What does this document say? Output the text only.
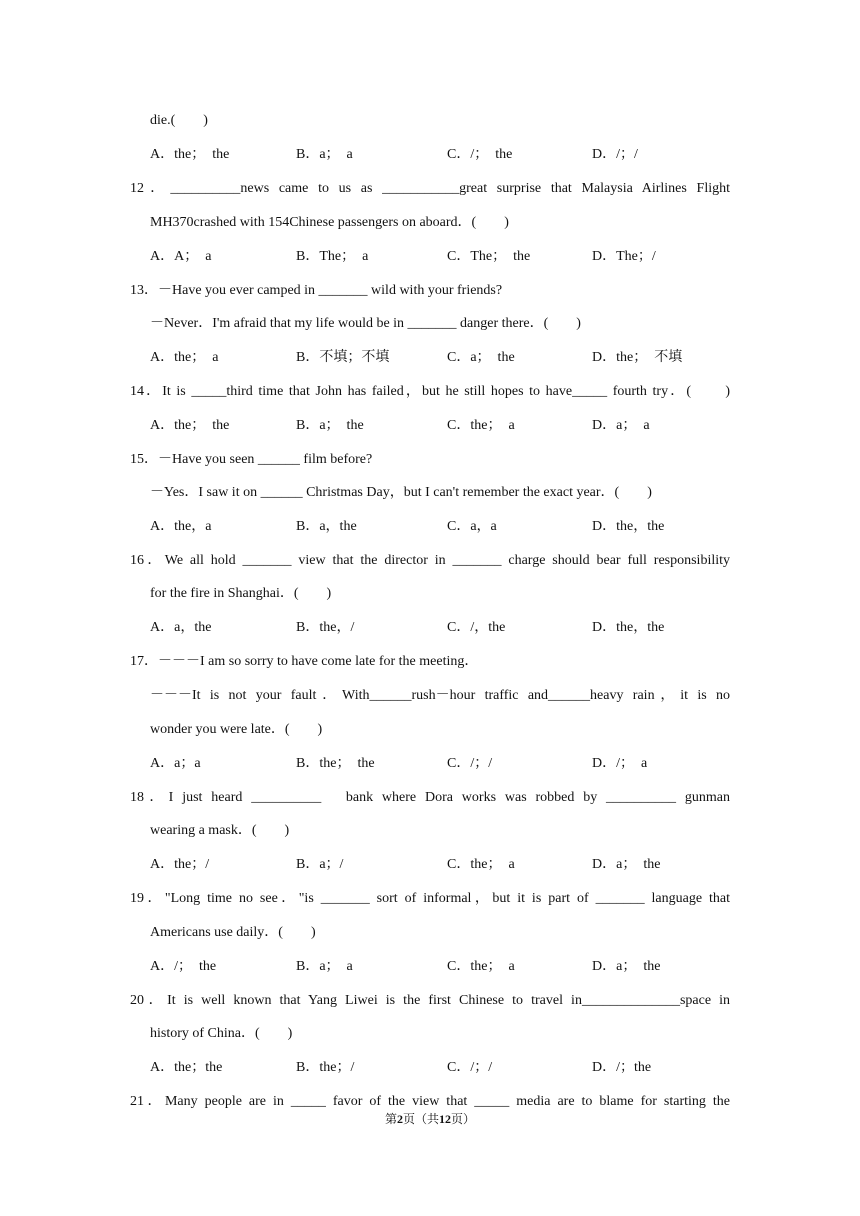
die.(　　)
A．the；　the	B．a；　a	C．/；　the	D．/；/
12．__________news came to us as ___________great surprise that Malaysia Airlines Flight
MH370crashed with 154Chinese passengers on aboard．(　　)
A．A；　a	B．The；　a	C．The；　the	D．The；/
13．－Have you ever camped in _______ wild with your friends?
－Never．I'm afraid that my life would be in _______ danger there．(　　)
A．the；　a	B．不填；不填	C．a；　the	D．the；　不填
14．It is _____third time that John has failed，but he still hopes to have_____ fourth try．(　　)
A．the；　the	B．a；　the	C．the；　a	D．a；　a
15．－Have you seen ______ film before?
－Yes．I saw it on ______ Christmas Day，but I can't remember the exact year．(　　)
A．the，a	B．a，the	C．a，a	D．the，the
16．We all hold _______ view that the director in _______ charge should bear full responsibility
for the fire in Shanghai．(　　)
A．a，the	B．the，/	C．/，the	D．the，the
17．－－－I am so sorry to have come late for the meeting．
－－－It is not your fault．With______rush－hour traffic and______heavy rain，it is no
wonder you were late．(　　)
A．a；a	B．the；　the	C．/；/	D．/；　a
18．I just heard __________　bank where Dora works was robbed by __________ gunman
wearing a mask．(　　)
A．the；/	B．a；/	C．the；　a	D．a；　the
19．"Long time no see．"is _______ sort of informal，but it is part of _______ language that
Americans use daily．(　　)
A．/；　the	B．a；　a	C．the；　a	D．a；　the
20．It is well known that Yang Liwei is the first Chinese to travel in______________space in
history of China．(　　)
A．the；the	B．the；/	C．/；/	D．/；the
21．Many people are in _____ favor of the view that _____ media are to blame for starting the
第2页（共12页）
